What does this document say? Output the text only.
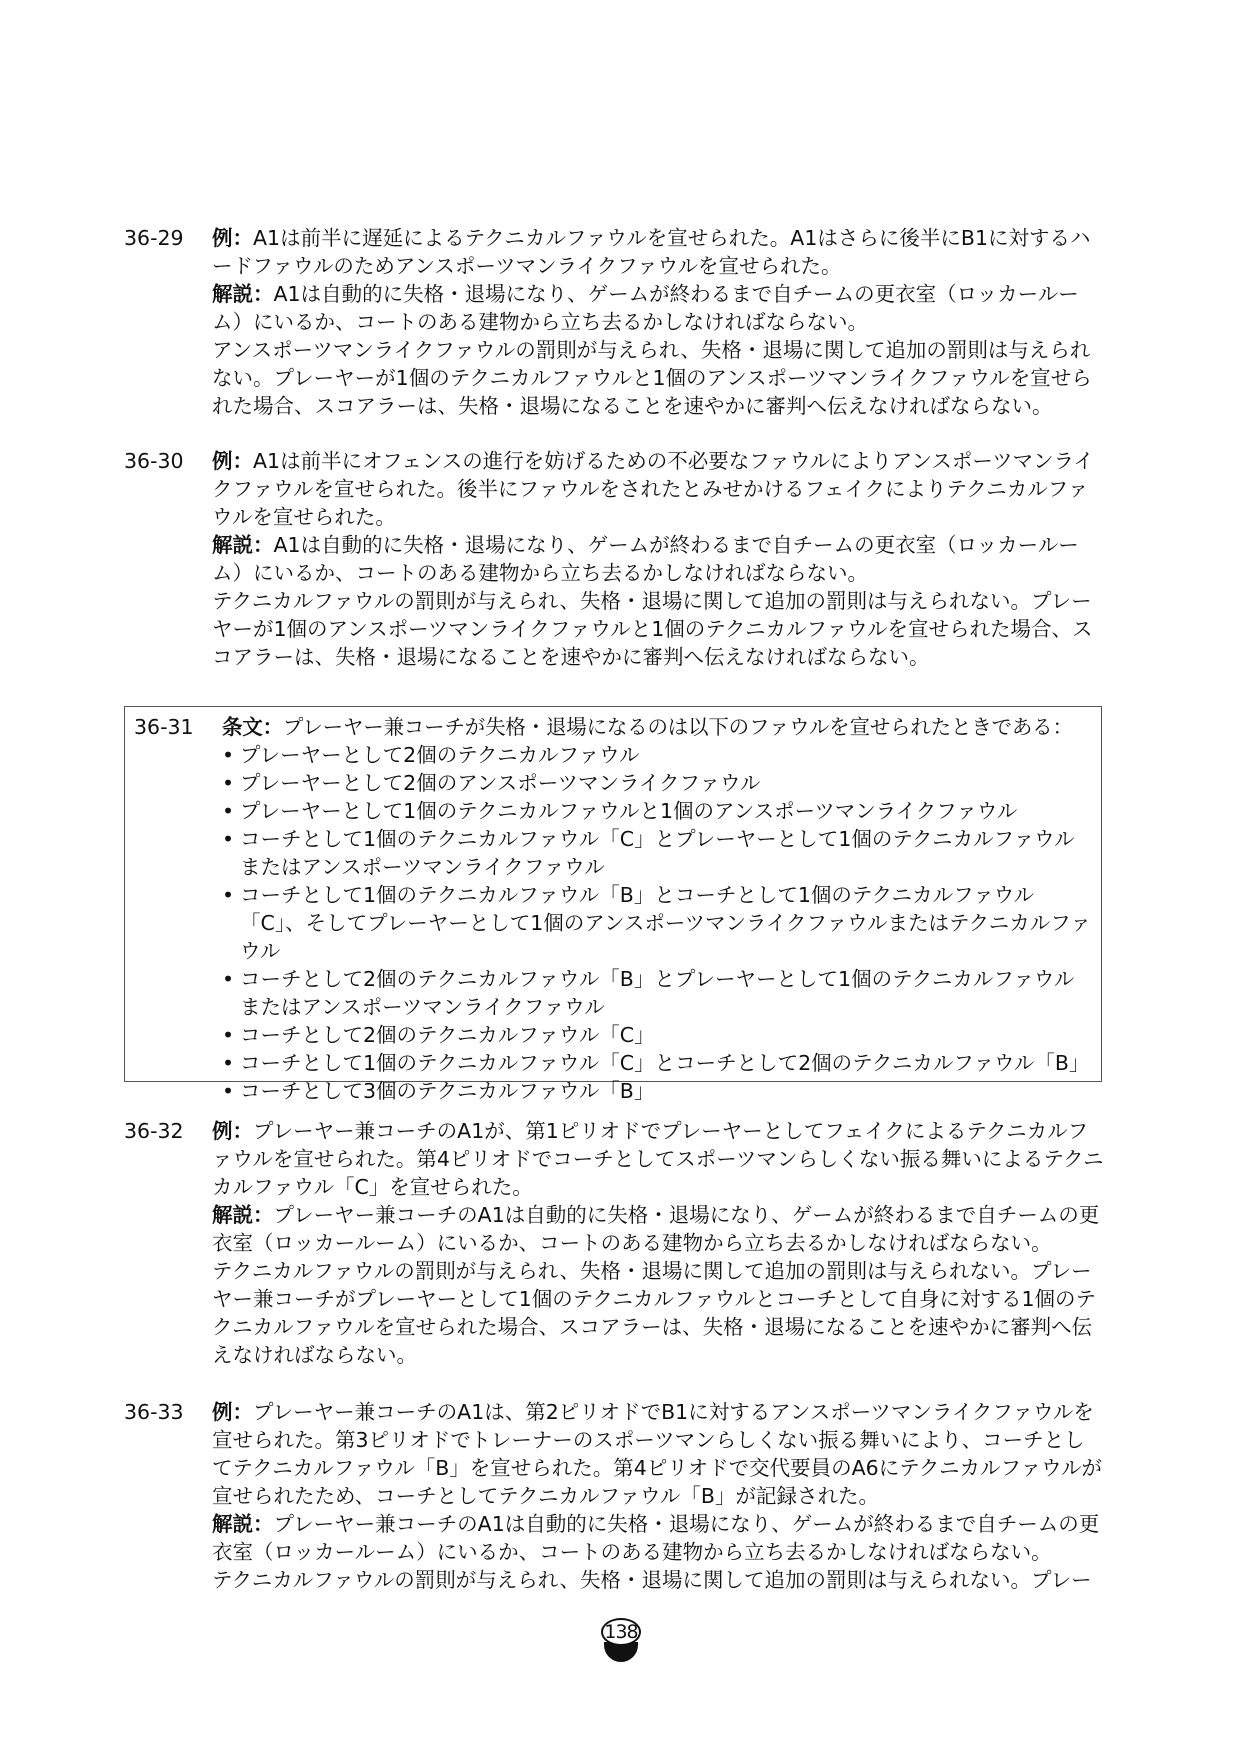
36-29	例：A1は前半に遅延によるテクニカルファウルを宣せられた。A1はさらに後半にB1に対するハードファウルのためアンスポーツマンライクファウルを宣せられた。

解説：A1は自動的に失格・退場になり、ゲームが終わるまで自チームの更衣室（ロッカールーム）にいるか、コートのある建物から立ち去るかしなければならない。

アンスポーツマンライクファウルの罰則が与えられ、失格・退場に関して追加の罰則は与えられない。プレーヤーが1個のテクニカルファウルと1個のアンスポーツマンライクファウルを宣せられた場合、スコアラーは、失格・退場になることを速やかに審判へ伝えなければならない。

36-30	例：A1は前半にオフェンスの進行を妨げるための不必要なファウルによりアンスポーツマンライクファウルを宣せられた。後半にファウルをされたとみせかけるフェイクによりテクニカルファウルを宣せられた。

解説：A1は自動的に失格・退場になり、ゲームが終わるまで自チームの更衣室（ロッカールーム）にいるか、コートのある建物から立ち去るかしなければならない。

テクニカルファウルの罰則が与えられ、失格・退場に関して追加の罰則は与えられない。プレーヤーが1個のアンスポーツマンライクファウルと1個のテクニカルファウルを宣せられた場合、スコアラーは、失格・退場になることを速やかに審判へ伝えなければならない。

36-31 条文：プレーヤー兼コーチが失格・退場になるのは以下のファウルを宣せられたときである：
• プレーヤーとして2個のテクニカルファウル
• プレーヤーとして2個のアンスポーツマンライクファウル
• プレーヤーとして1個のテクニカルファウルと1個のアンスポーツマンライクファウル
• コーチとして1個のテクニカルファウル「C」とプレーヤーとして1個のテクニカルファウルまたはアンスポーツマンライクファウル
• コーチとして1個のテクニカルファウル「B」とコーチとして1個のテクニカルファウル「C」、そしてプレーヤーとして1個のアンスポーツマンライクファウルまたはテクニカルファウル
• コーチとして2個のテクニカルファウル「B」とプレーヤーとして1個のテクニカルファウルまたはアンスポーツマンライクファウル
• コーチとして2個のテクニカルファウル「C」
• コーチとして1個のテクニカルファウル「C」とコーチとして2個のテクニカルファウル「B」
• コーチとして3個のテクニカルファウル「B」
36-32	例：プレーヤー兼コーチのA1が、第1ピリオドでプレーヤーとしてフェイクによるテクニカルファウルを宣せられた。第4ピリオドでコーチとしてスポーツマンらしくない振る舞いによるテクニカルファウル「C」を宣せられた。

解説：プレーヤー兼コーチのA1は自動的に失格・退場になり、ゲームが終わるまで自チームの更衣室（ロッカールーム）にいるか、コートのある建物から立ち去るかしなければならない。

テクニカルファウルの罰則が与えられ、失格・退場に関して追加の罰則は与えられない。プレーヤー兼コーチがプレーヤーとして1個のテクニカルファウルとコーチとして自身に対する1個のテクニカルファウルを宣せられた場合、スコアラーは、失格・退場になることを速やかに審判へ伝えなければならない。

36-33	例：プレーヤー兼コーチのA1は、第2ピリオドでB1に対するアンスポーツマンライクファウルを宣せられた。第3ピリオドでトレーナーのスポーツマンらしくない振る舞いにより、コーチとしてテクニカルファウル「B」を宣せられた。第4ピリオドで交代要員のA6にテクニカルファウルが宣せられたため、コーチとしてテクニカルファウル「B」が記録された。

解説：プレーヤー兼コーチのA1は自動的に失格・退場になり、ゲームが終わるまで自チームの更衣室（ロッカールーム）にいるか、コートのある建物から立ち去るかしなければならない。

テクニカルファウルの罰則が与えられ、失格・退場に関して追加の罰則は与えられない。プレー

138
